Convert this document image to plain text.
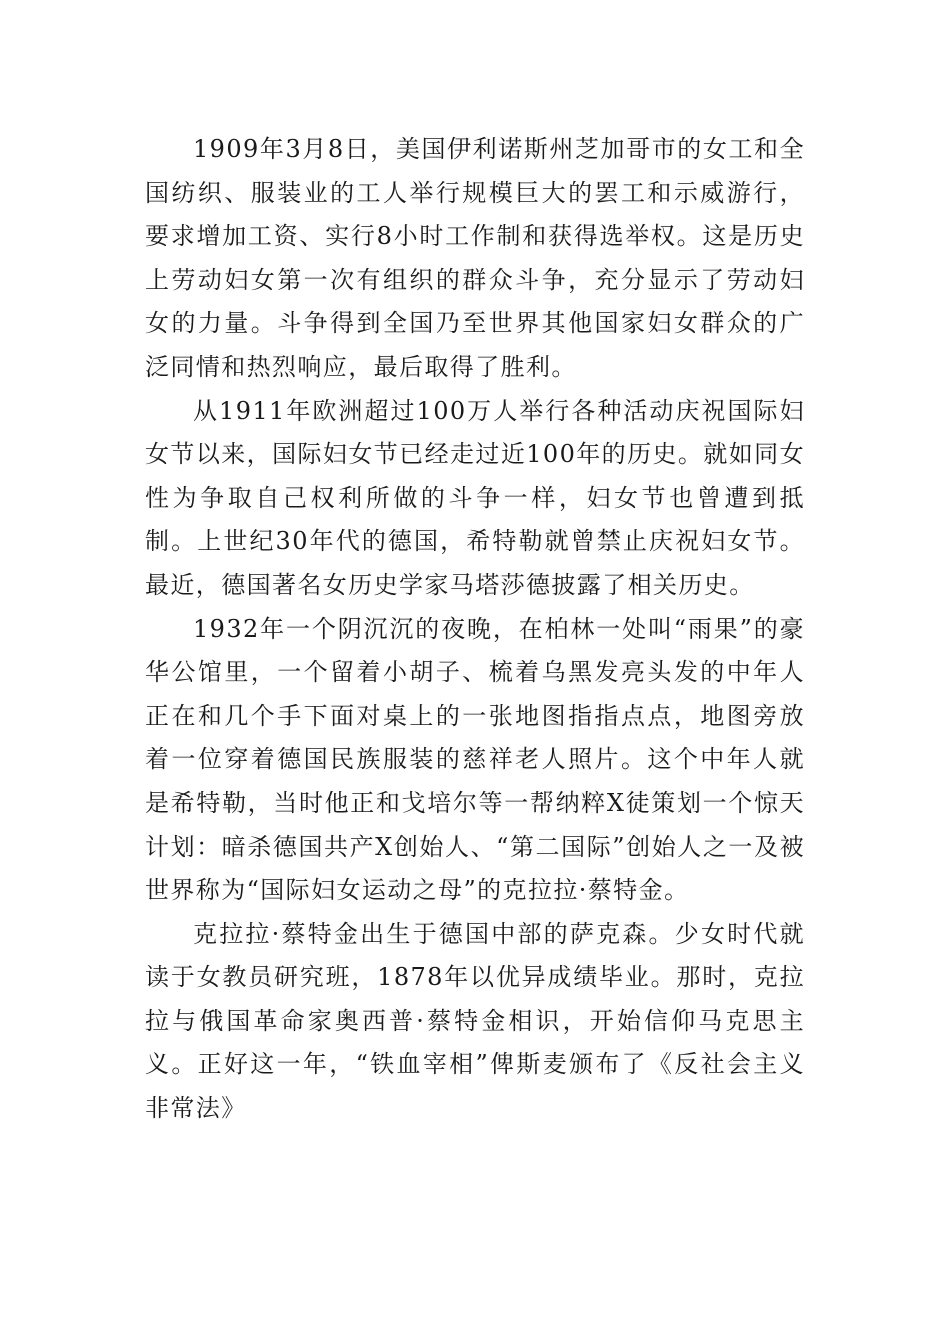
1909年3月8日，美国伊利诺斯州芝加哥市的女工和全国纺织、服装业的工人举行规模巨大的罢工和示威游行，要求增加工资、实行8小时工作制和获得选举权。这是历史上劳动妇女第一次有组织的群众斗争，充分显示了劳动妇女的力量。斗争得到全国乃至世界其他国家妇女群众的广泛同情和热烈响应，最后取得了胜利。

从1911年欧洲超过100万人举行各种活动庆祝国际妇女节以来，国际妇女节已经走过近100年的历史。就如同女性为争取自己权利所做的斗争一样，妇女节也曾遭到抵制。上世纪30年代的德国，希特勒就曾禁止庆祝妇女节。最近，德国著名女历史学家马塔莎德披露了相关历史。

1932年一个阴沉沉的夜晚，在柏林一处叫“雨果”的豪华公馆里，一个留着小胡子、梳着乌黑发亮头发的中年人正在和几个手下面对桌上的一张地图指指点点，地图旁放着一位穿着德国民族服装的慈祥老人照片。这个中年人就是希特勒，当时他正和戈培尔等一帮纳粹X徒策划一个惊天计划：暗杀德国共产X创始人、“第二国际”创始人之一及被世界称为“国际妇女运动之母”的克拉拉·蔡特金。

克拉拉·蔡特金出生于德国中部的萨克森。少女时代就读于女教员研究班，1878年以优异成绩毕业。那时，克拉拉与俄国革命家奥西普·蔡特金相识，开始信仰马克思主义。正好这一年，“铁血宰相”俾斯麦颁布了《反社会主义非常法》
